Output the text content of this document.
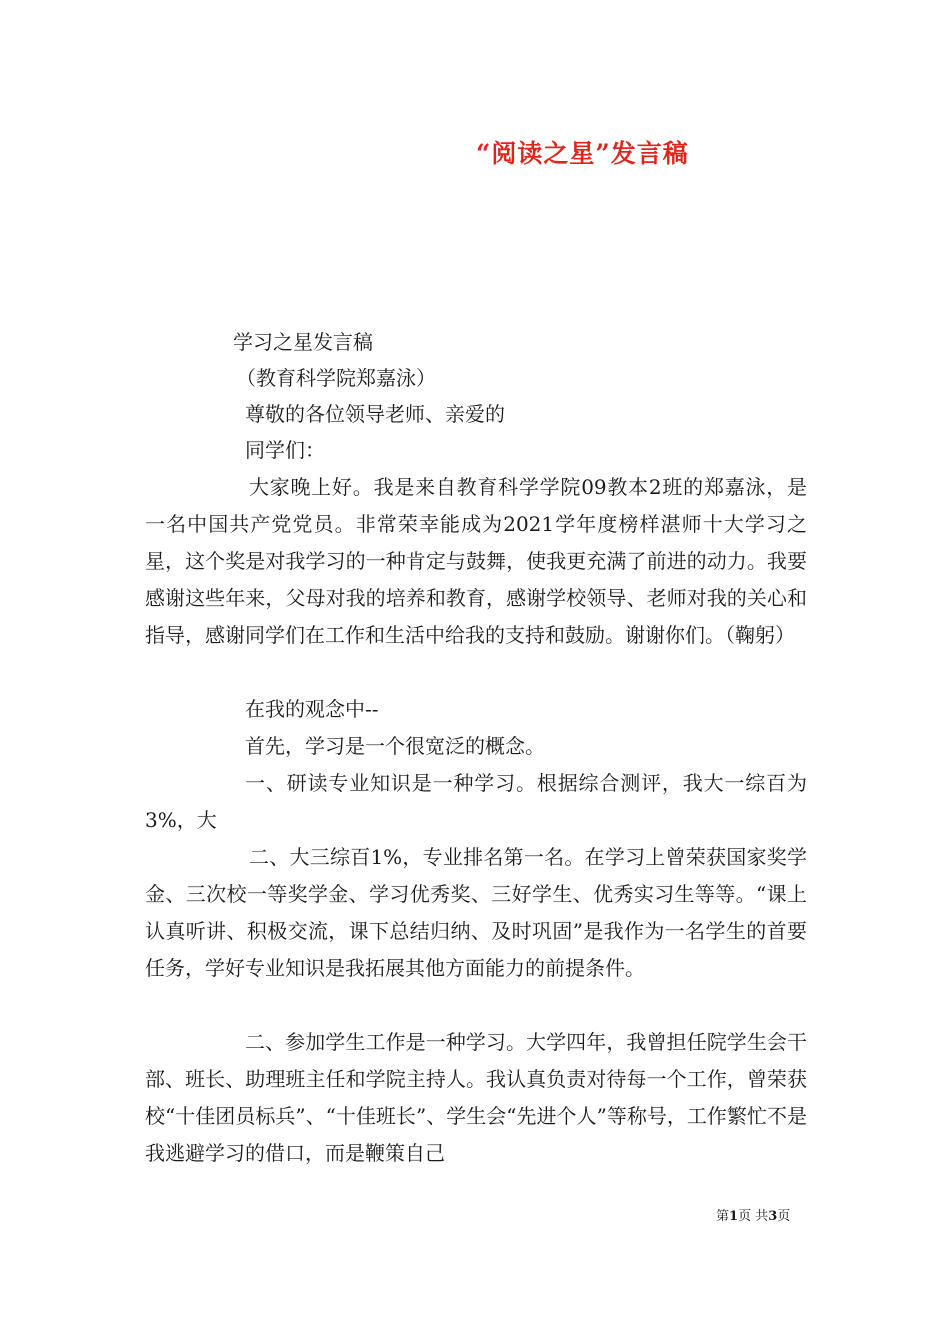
“阅读之星”发言稿
学习之星发言稿
（教育科学院郑嘉泳）
尊敬的各位领导老师、亲爱的
同学们：
大家晚上好。我是来自教育科学学院09教本2班的郑嘉泳，是一名中国共产党党员。非常荣幸能成为2021学年度榜样湛师十大学习之星，这个奖是对我学习的一种肯定与鼓舞，使我更充满了前进的动力。我要感谢这些年来，父母对我的培养和教育，感谢学校领导、老师对我的关心和指导，感谢同学们在工作和生活中给我的支持和鼓励。谢谢你们。（鞠躬）
在我的观念中--
首先，学习是一个很宽泛的概念。
一、研读专业知识是一种学习。根据综合测评，我大一综百为3%，大
二、大三综百1%，专业排名第一名。在学习上曾荣获国家奖学金、三次校一等奖学金、学习优秀奖、三好学生、优秀实习生等等。“课上认真听讲、积极交流，课下总结归纳、及时巩固”是我作为一名学生的首要任务，学好专业知识是我拓展其他方面能力的前提条件。
二、参加学生工作是一种学习。大学四年，我曾担任院学生会干部、班长、助理班主任和学院主持人。我认真负责对待每一个工作，曾荣获校“十佳团员标兵”、“十佳班长”、学生会“先进个人”等称号，工作繁忙不是我逃避学习的借口，而是鞭策自己
第1页 共3页
